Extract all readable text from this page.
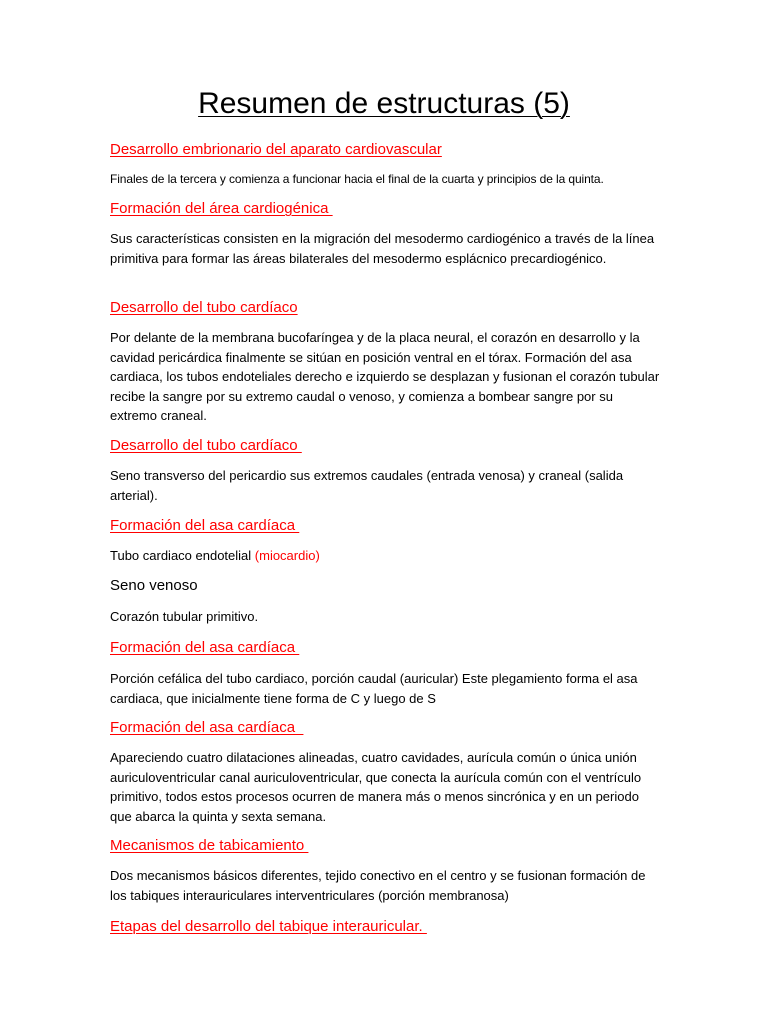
Resumen de estructuras (5)
Desarrollo embrionario del aparato cardiovascular

Finales de la tercera y comienza a funcionar hacia el final de la cuarta y principios de la quinta.

Formación del área cardiogénica

Sus características consisten en la migración del mesodermo cardiogénico a través de la línea primitiva para formar las áreas bilaterales del mesodermo esplácnico precardiogénico.

Desarrollo del tubo cardíaco

Por delante de la membrana bucofaríngea y de la placa neural, el corazón en desarrollo y la cavidad pericárdica finalmente se sitúan en posición ventral en el tórax. Formación del asa cardiaca, los tubos endoteliales derecho e izquierdo se desplazan y fusionan el corazón tubular recibe la sangre por su extremo caudal o venoso, y comienza a bombear sangre por su extremo craneal.

Desarrollo del tubo cardíaco

Seno transverso del pericardio sus extremos caudales (entrada venosa) y craneal (salida arterial).

Formación del asa cardíaca

Tubo cardiaco endotelial (miocardio)

Seno venoso

Corazón tubular primitivo.

Formación del asa cardíaca

Porción cefálica del tubo cardiaco, porción caudal (auricular) Este plegamiento forma el asa cardiaca, que inicialmente tiene forma de C y luego de S

Formación del asa cardíaca

Apareciendo cuatro dilataciones alineadas, cuatro cavidades, aurícula común o única unión auriculoventricular canal auriculoventricular, que conecta la aurícula común con el ventrículo primitivo, todos estos procesos ocurren de manera más o menos sincrónica y en un periodo que abarca la quinta y sexta semana.

Mecanismos de tabicamiento

Dos mecanismos básicos diferentes, tejido conectivo en el centro y se fusionan formación de los tabiques interauriculares interventriculares (porción membranosa)

Etapas del desarrollo del tabique interauricular.
